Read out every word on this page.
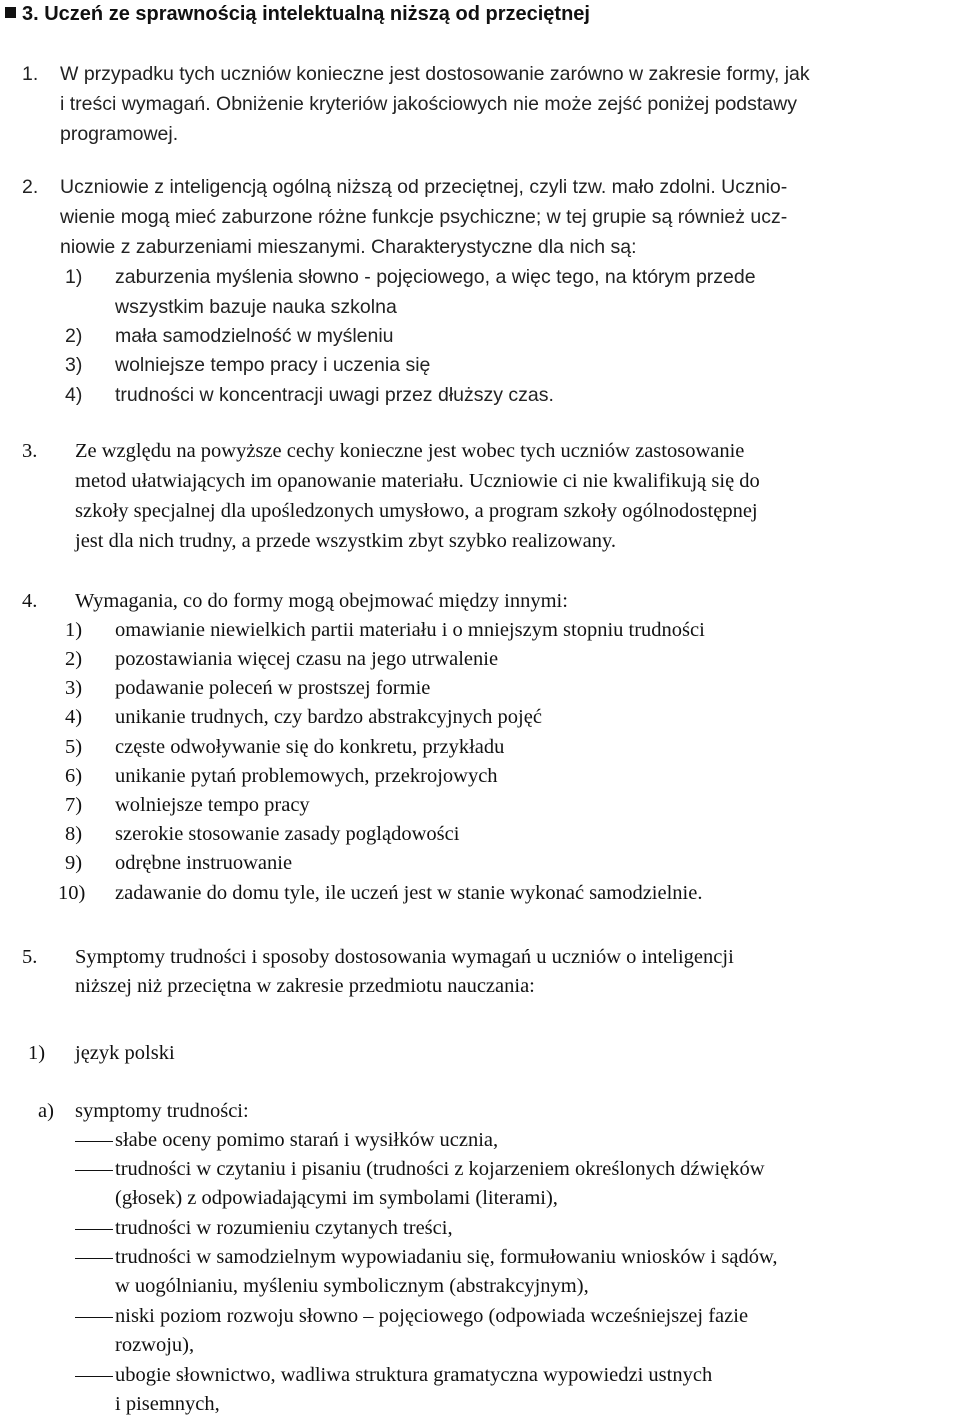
3. Uczeń ze sprawnością intelektualną niższą od przeciętnej
1. W przypadku tych uczniów konieczne jest dostosowanie zarówno w zakresie formy, jak
i treści wymagań. Obniżenie kryteriów jakościowych nie może zejść poniżej podstawy
programowej.
2. Uczniowie z inteligencją ogólną niższą od przeciętnej, czyli tzw. mało zdolni. Ucznio-
wienie mogą mieć zaburzone różne funkcje psychiczne; w tej grupie są również ucz-
niowie z zaburzeniami mieszanymi. Charakterystyczne dla nich są:
1) zaburzenia myślenia słowno - pojęciowego, a więc tego, na którym przede
wszystkim bazuje nauka szkolna
2) mała samodzielność w myśleniu
3) wolniejsze tempo pracy i uczenia się
4) trudności w koncentracji uwagi przez dłuższy czas.
3. Ze względu na powyższe cechy konieczne jest wobec tych uczniów zastosowanie
metod ułatwiających im opanowanie materiału. Uczniowie ci nie kwalifikują się do
szkoły specjalnej dla upośledzonych umysłowo, a program szkoły ogólnodostępnej
jest dla nich trudny, a przede wszystkim zbyt szybko realizowany.
4. Wymagania, co do formy mogą obejmować między innymi:
1) omawianie niewielkich partii materiału i o mniejszym stopniu trudności
2) pozostawiania więcej czasu na jego utrwalenie
3) podawanie poleceń w prostszej formie
4) unikanie trudnych, czy bardzo abstrakcyjnych pojęć
5) częste odwoływanie się do konkretu, przykładu
6) unikanie pytań problemowych, przekrojowych
7) wolniejsze tempo pracy
8) szerokie stosowanie zasady poglądowości
9) odrębne instruowanie
10) zadawanie do domu tyle, ile uczeń jest w stanie wykonać samodzielnie.
5. Symptomy trudności i sposoby dostosowania wymagań u uczniów o inteligencji
niższej niż przeciętna w zakresie przedmiotu nauczania:
1) język polski
a) symptomy trudności:
słabe oceny pomimo starań i wysiłków ucznia,
trudności w czytaniu i pisaniu (trudności z kojarzeniem określonych dźwięków
(głosek) z odpowiadającymi im symbolami (literami),
trudności w rozumieniu czytanych treści,
trudności w samodzielnym wypowiadaniu się, formułowaniu wniosków i sądów,
w uogólnianiu, myśleniu symbolicznym (abstrakcyjnym),
niski poziom rozwoju słowno – pojęciowego (odpowiada wcześniejszej fazie
rozwoju),
ubogie słownictwo, wadliwa struktura gramatyczna wypowiedzi ustnych
i pisemnych,
